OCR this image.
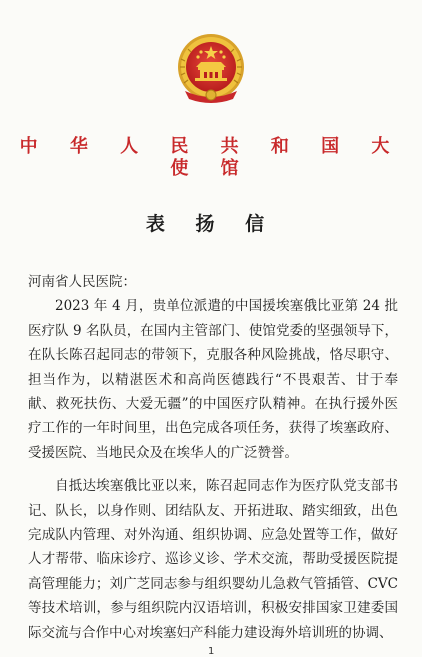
中 华 人 民 共 和 国 大 使 馆
表 扬 信

河南省人民医院：

2023 年 4 月，贵单位派遣的中国援埃塞俄比亚第 24 批医疗队 9 名队员，在国内主管部门、使馆党委的坚强领导下，在队长陈召起同志的带领下，克服各种风险挑战，恪尽职守、担当作为，以精湛医术和高尚医德践行“不畏艰苦、甘于奉献、救死扶伤、大爱无疆”的中国医疗队精神。在执行援外医疗工作的一年时间里，出色完成各项任务，获得了埃塞政府、受援医院、当地民众及在埃华人的广泛赞誉。

自抵达埃塞俄比亚以来，陈召起同志作为医疗队党支部书记、队长，以身作则、团结队友、开拓进取、踏实细致，出色完成队内管理、对外沟通、组织协调、应急处置等工作，做好人才帮带、临床诊疗、巡诊义诊、学术交流，帮助受援医院提高管理能力；刘广芝同志参与组织婴幼儿急救气管插管、CVC 等技术培训，参与组织院内汉语培训，积极安排国家卫建委国际交流与合作中心对埃塞妇产科能力建设海外培训班的协调、

1
